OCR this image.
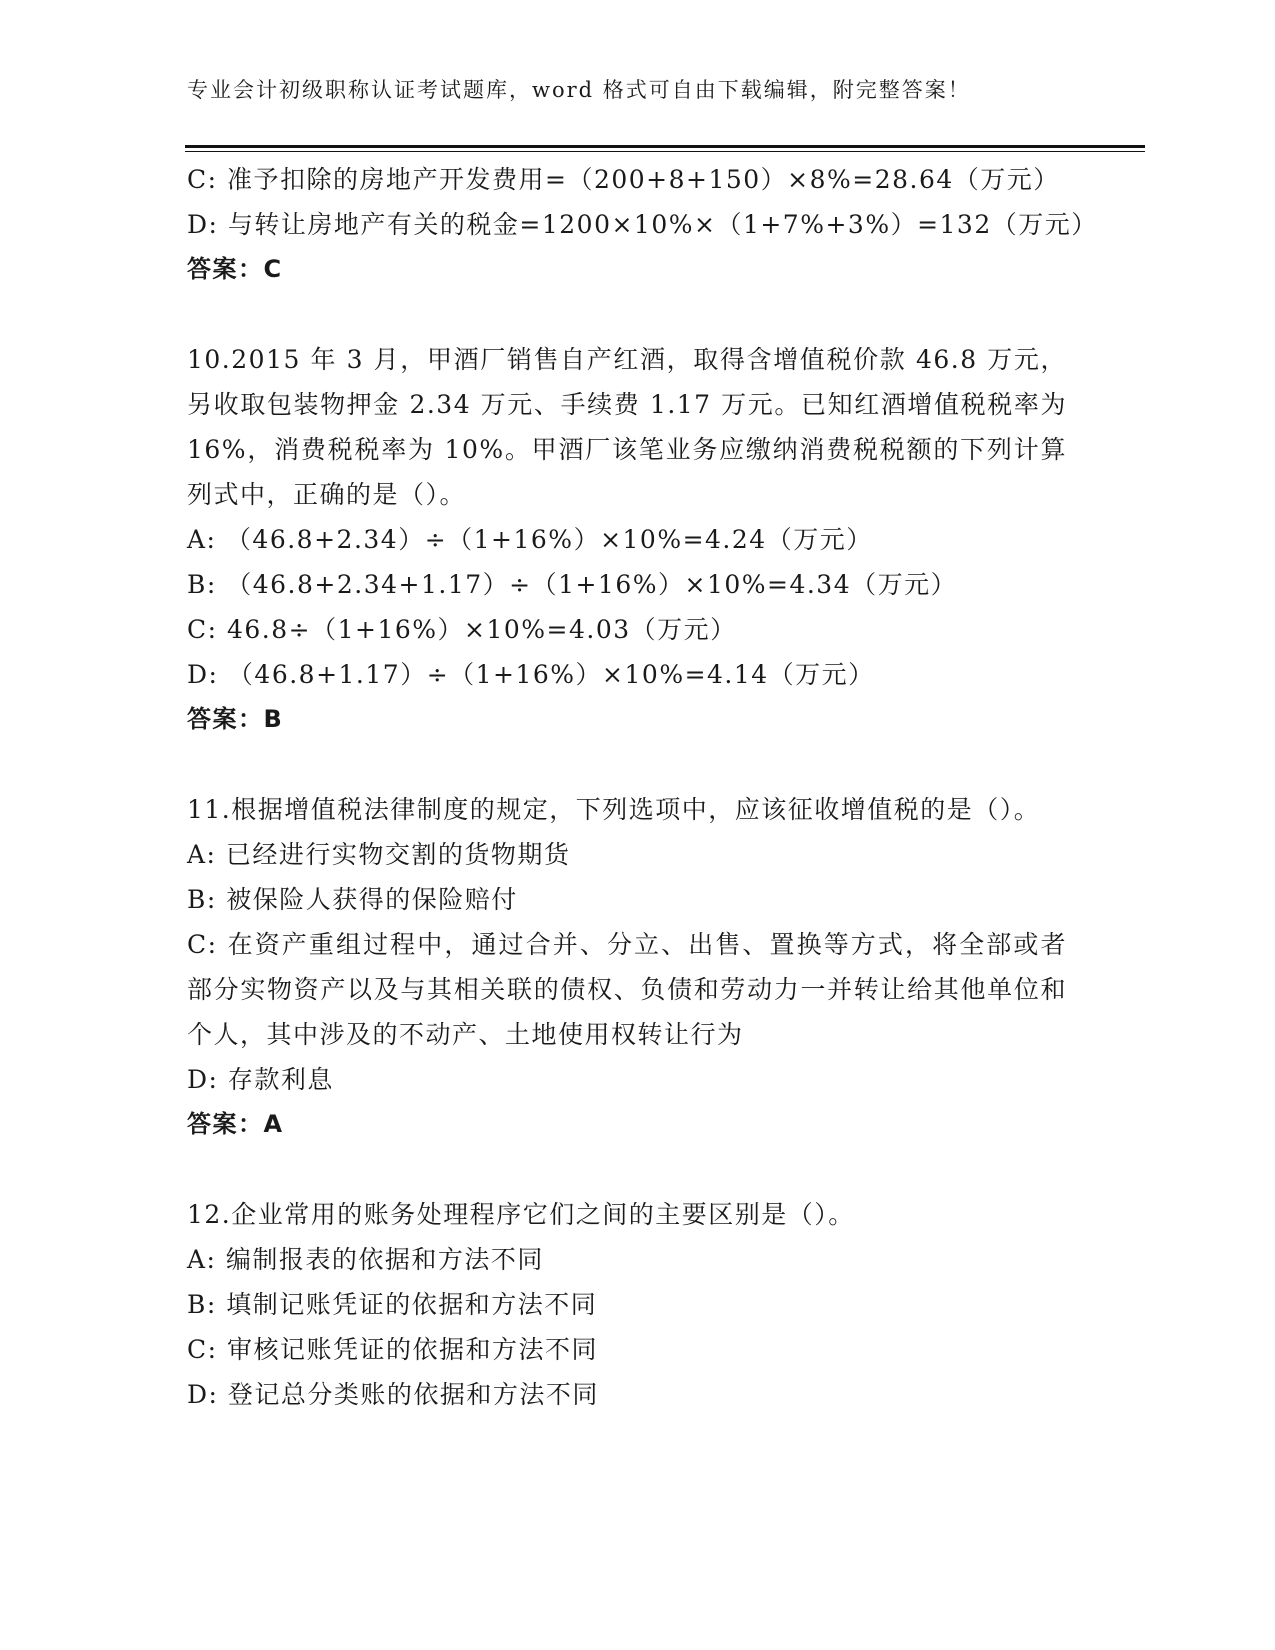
专业会计初级职称认证考试题库，word 格式可自由下载编辑，附完整答案！
C: 准予扣除的房地产开发费用=（200+8+150）×8%=28.64（万元）
D: 与转让房地产有关的税金=1200×10%×（1+7%+3%）=132（万元）
答案：C
10.2015 年 3 月，甲酒厂销售自产红酒，取得含增值税价款 46.8 万元， 另收取包装物押金 2.34 万元、手续费 1.17 万元。已知红酒增值税税率为 16%，消费税税率为 10%。甲酒厂该笔业务应缴纳消费税税额的下列计算列式中，正确的是（）。
A: （46.8+2.34）÷（1+16%）×10%=4.24（万元）
B: （46.8+2.34+1.17）÷（1+16%）×10%=4.34（万元）
C: 46.8÷（1+16%）×10%=4.03（万元）
D: （46.8+1.17）÷（1+16%）×10%=4.14（万元）
答案：B
11.根据增值税法律制度的规定，下列选项中，应该征收增值税的是（）。
A: 已经进行实物交割的货物期货
B: 被保险人获得的保险赔付
C: 在资产重组过程中，通过合并、分立、出售、置换等方式，将全部或者部分实物资产以及与其相关联的债权、负债和劳动力一并转让给其他单位和个人，其中涉及的不动产、土地使用权转让行为
D: 存款利息
答案：A
12.企业常用的账务处理程序它们之间的主要区别是（）。
A: 编制报表的依据和方法不同
B: 填制记账凭证的依据和方法不同
C: 审核记账凭证的依据和方法不同
D: 登记总分类账的依据和方法不同
